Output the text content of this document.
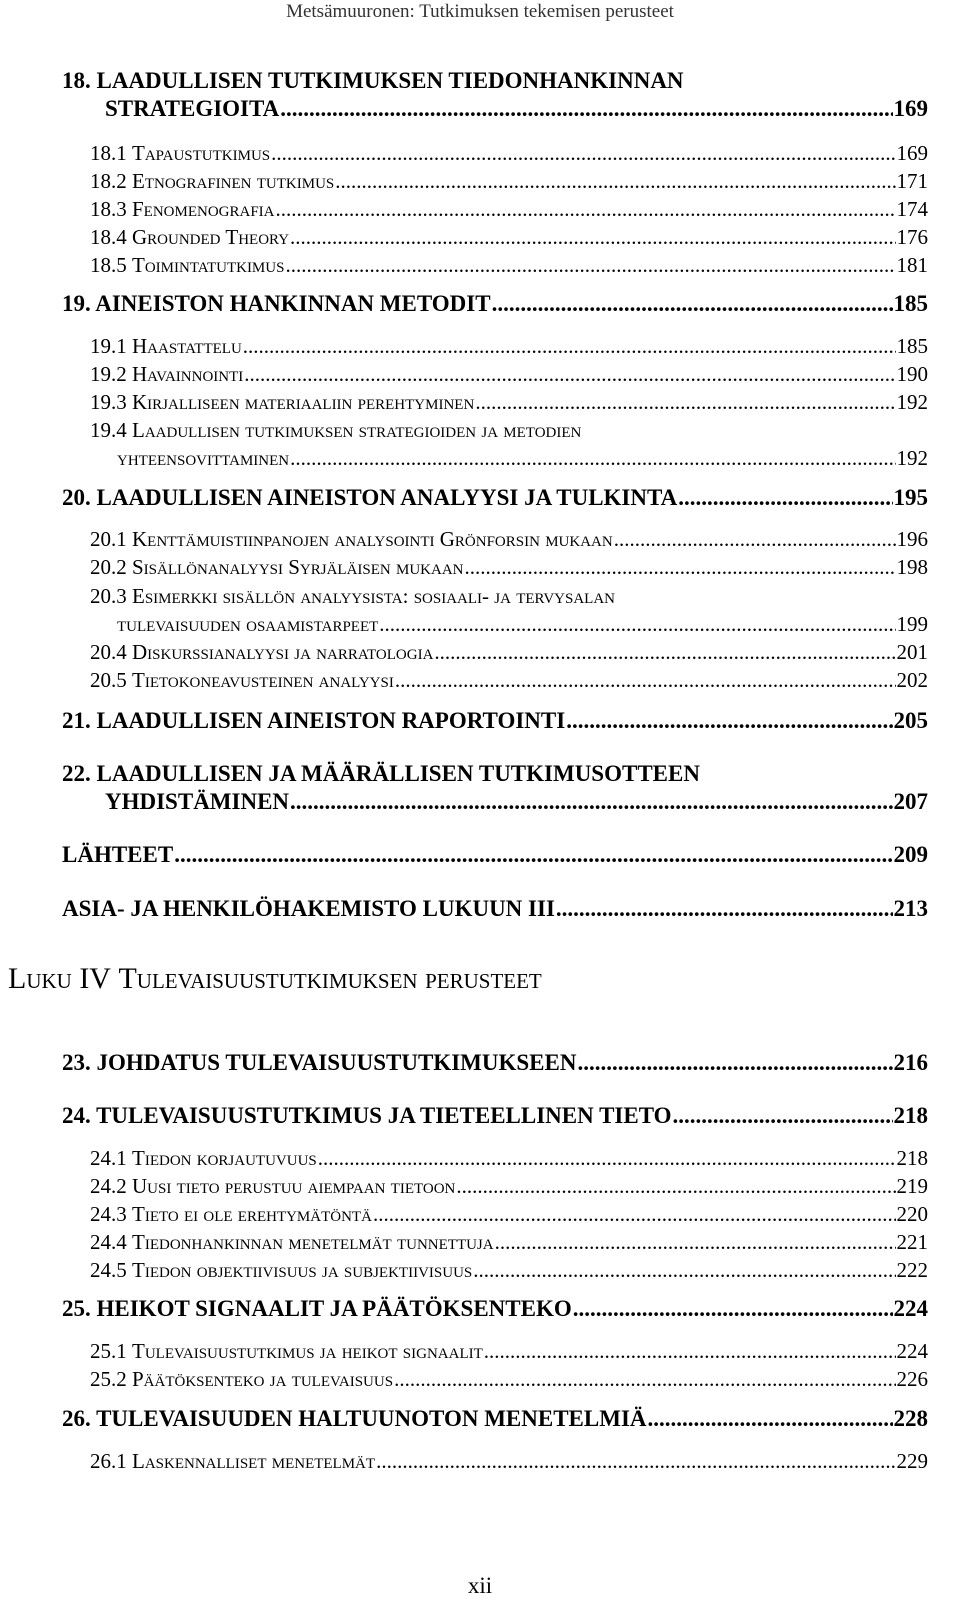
Metsämuuronen: Tutkimuksen tekemisen perusteet
18. LAADULLISEN TUTKIMUKSEN TIEDONHANKINNAN
STRATEGIOITA .....	169
18.1 Tapaustutkimus .....	169
18.2 Etnografinen tutkimus .....	171
18.3 Fenomenografia .....	174
18.4 Grounded Theory .....	176
18.5 Toimintatutkimus .....	181
19. AINEISTON HANKINNAN METODIT .....	185
19.1 Haastattelu .....	185
19.2 Havainnointi .....	190
19.3 Kirjalliseen materiaaliin perehtyminen .....	192
19.4 Laadullisen tutkimuksen strategioiden ja metodien
yhteensovittaminen .....	192
20. LAADULLISEN AINEISTON ANALYYSI JA TULKINTA .....	195
20.1 Kenttämuistiinpanojen analysointi Grönforsin mukaan .....	196
20.2 Sisällönanalyysi Syrjäläisen mukaan .....	198
20.3 Esimerkki sisällön analyysista: sosiaali- ja tervysalan
tulevaisuuden osaamistarpeet .....	199
20.4 Diskurssianalyysi ja narratologia .....	201
20.5 Tietokoneavusteinen analyysi .....	202
21. LAADULLISEN AINEISTON RAPORTOINTI .....	205
22. LAADULLISEN JA MÄÄRÄLLISEN TUTKIMUSOTTEEN
YHDISTÄMINEN .....	207
LÄHTEET .....	209
ASIA- JA HENKILÖHAKEMISTO LUKUUN III .....	213
Luku IV Tulevaisuustutkimuksen perusteet
23. JOHDATUS TULEVAISUUSTUTKIMUKSEEN .....	216
24. TULEVAISUUSTUTKIMUS JA TIETEELLINEN TIETO .....	218
24.1 Tiedon korjautuvuus .....	218
24.2 Uusi tieto perustuu aiempaan tietoon .....	219
24.3 Tieto ei ole erehtymätöntä .....	220
24.4 Tiedonhankinnan menetelmät tunnettuja .....	221
24.5 Tiedon objektiivisuus ja subjektiivisuus .....	222
25. HEIKOT SIGNAALIT JA PÄÄTÖKSENTEKO .....	224
25.1 Tulevaisuustutkimus ja heikot signaalit .....	224
25.2 Päätöksenteko ja tulevaisuus .....	226
26. TULEVAISUUDEN HALTUUNOTON MENETELMIÄ .....	228
26.1 Laskennalliset menetelmät .....	229
xii
